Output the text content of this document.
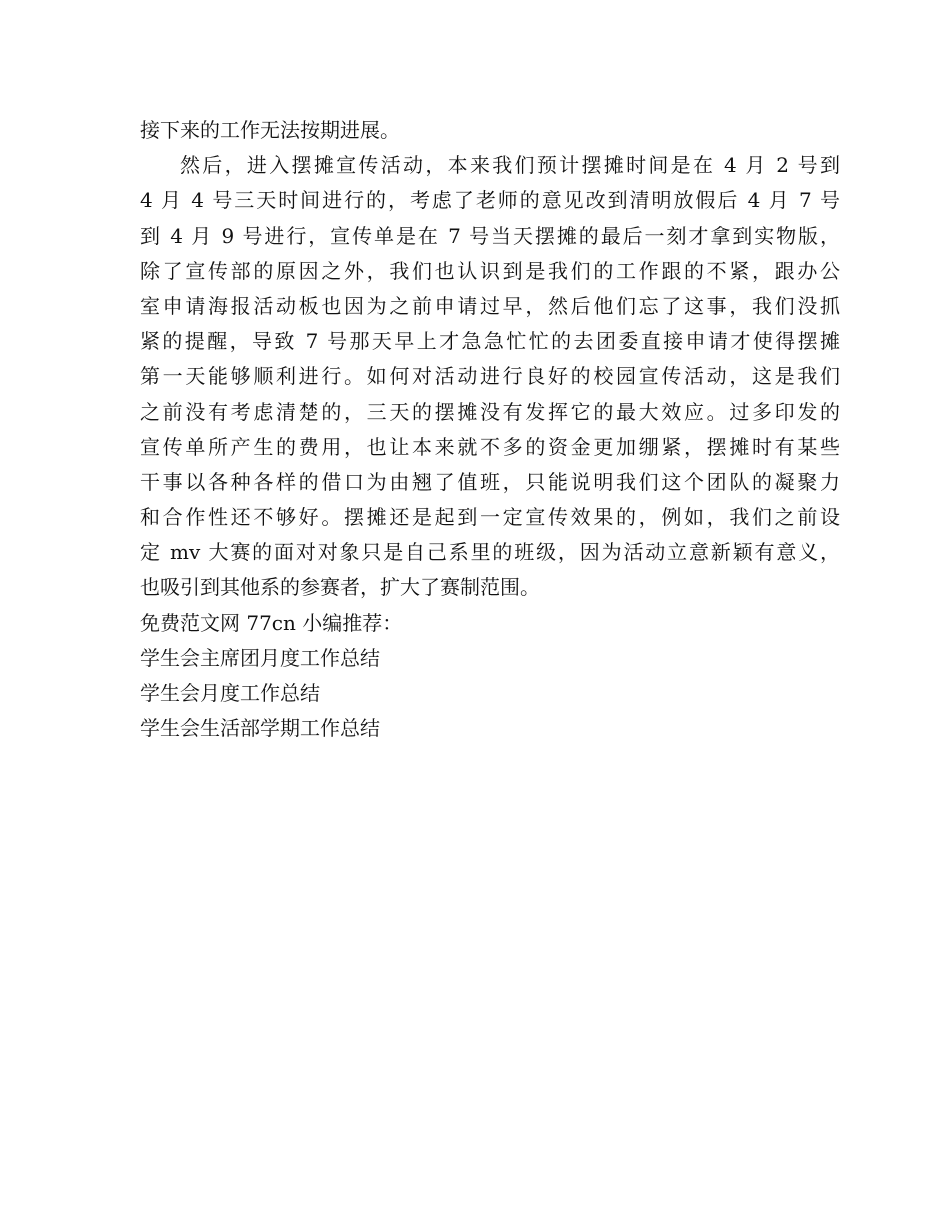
接下来的工作无法按期进展。
然后，进入摆摊宣传活动，本来我们预计摆摊时间是在 4 月 2 号到
4 月 4 号三天时间进行的，考虑了老师的意见改到清明放假后 4 月 7 号
到 4 月 9 号进行，宣传单是在 7 号当天摆摊的最后一刻才拿到实物版，
除了宣传部的原因之外，我们也认识到是我们的工作跟的不紧，跟办公
室申请海报活动板也因为之前申请过早，然后他们忘了这事，我们没抓
紧的提醒，导致 7 号那天早上才急急忙忙的去团委直接申请才使得摆摊
第一天能够顺利进行。如何对活动进行良好的校园宣传活动，这是我们
之前没有考虑清楚的，三天的摆摊没有发挥它的最大效应。过多印发的
宣传单所产生的费用，也让本来就不多的资金更加绷紧，摆摊时有某些
干事以各种各样的借口为由翘了值班，只能说明我们这个团队的凝聚力
和合作性还不够好。摆摊还是起到一定宣传效果的，例如，我们之前设
定 mv 大赛的面对对象只是自己系里的班级，因为活动立意新颖有意义，
也吸引到其他系的参赛者，扩大了赛制范围。
免费范文网 77cn 小编推荐：
学生会主席团月度工作总结
学生会月度工作总结
学生会生活部学期工作总结
